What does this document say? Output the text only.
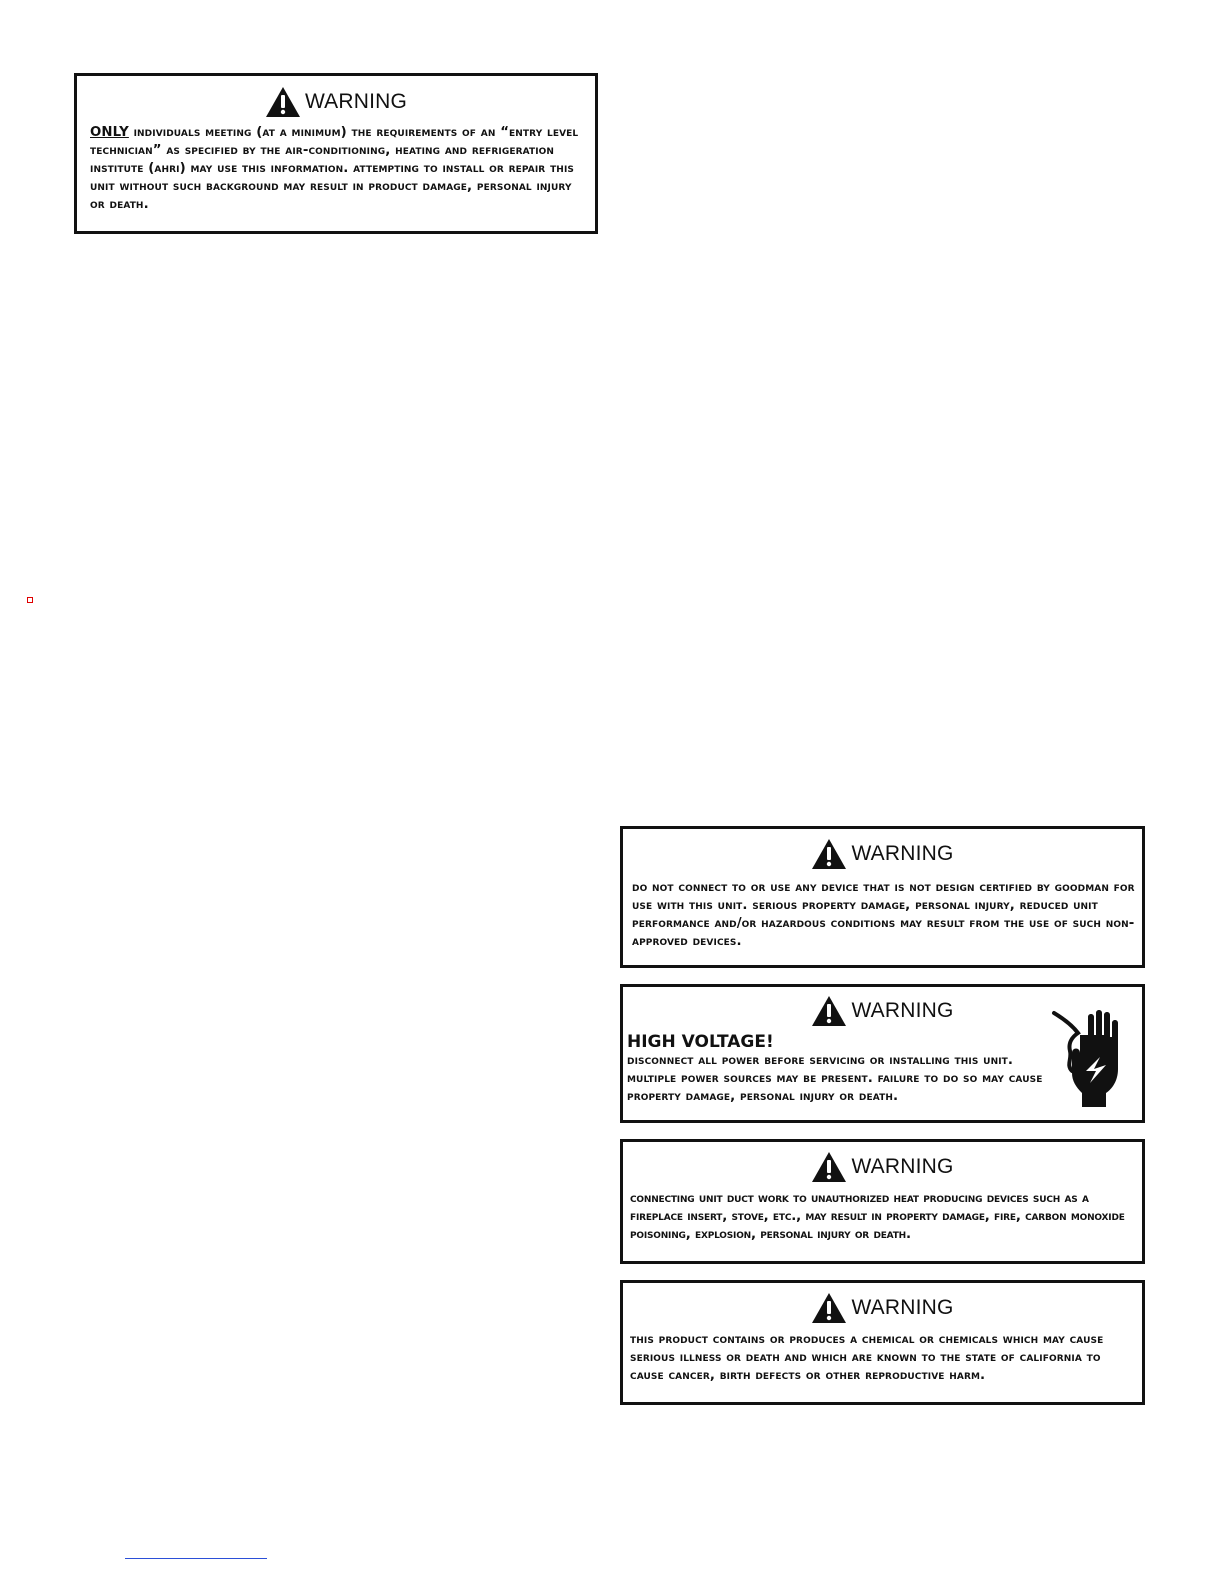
WARNING

ONLY individuals meeting (at a minimum) the requirements of an “entry level technician” as specified by the air-conditioning, heating and refrigeration institute (ahri) may use this information. attempting to install or repair this unit without such background may result in product damage, personal injury or death.

WARNING

do not connect to or use any device that is not design certified by goodman for use with this unit. serious property damage, personal injury, reduced unit performance and/or hazardous conditions may result from the use of such non-approved devices.

WARNING

HIGH VOLTAGE!

disconnect all power before servicing or installing this unit. multiple power sources may be present. failure to do so may cause property damage, personal injury or death.

WARNING

connecting unit duct work to unauthorized heat producing devices such as a fireplace insert, stove, etc., may result in property damage, fire, carbon monoxide poisoning, explosion, personal injury or death.

WARNING

this product contains or produces a chemical or chemicals which may cause serious illness or death and which are known to the state of california to cause cancer, birth defects or other reproductive harm.
